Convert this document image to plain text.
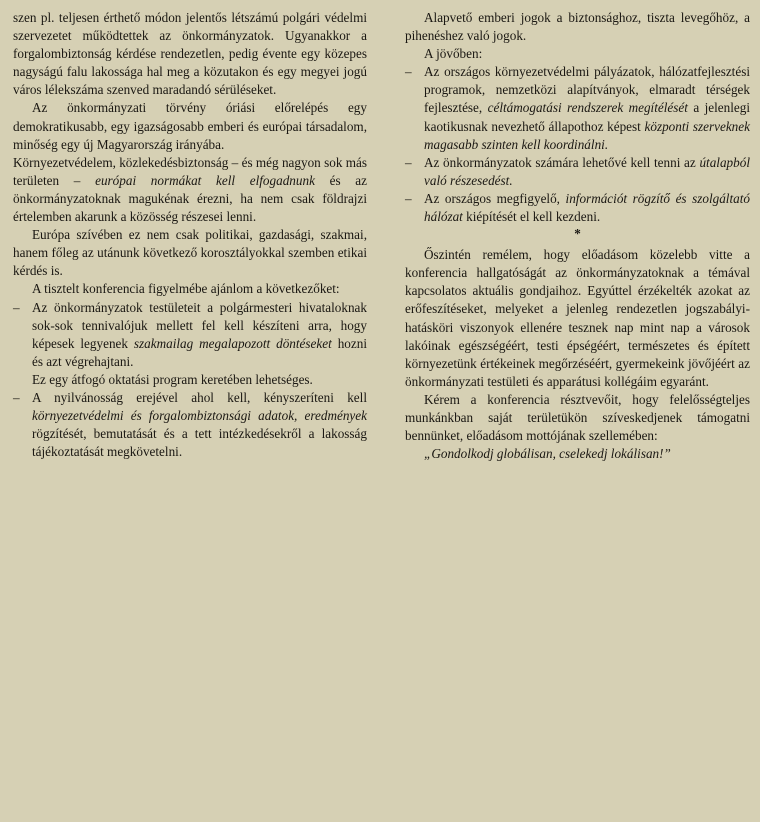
szen pl. teljesen érthető módon jelentős létszámú polgári védelmi szervezetet működtettek az önkormányzatok. Ugyanakkor a forgalombiztonság kérdése rendezetlen, pedig évente egy közepes nagyságú falu lakossága hal meg a közutakon és egy megyei jogú város lélekszáma szenved maradandó sérüléseket.

Az önkormányzati törvény óriási előrelépés egy demokratikusabb, egy igazságosabb emberi és európai társadalom, minőség egy új Magyarország irányába.

Környezetvédelem, közlekedésbiztonság – és még nagyon sok más területen – európai normákat kell elfogadnunk és az önkormányzatoknak magukénak érezni, ha nem csak földrajzi értelemben akarunk a közösség részesei lenni.

Európa szívében ez nem csak politikai, gazdasági, szakmai, hanem főleg az utánunk következő korosztályokkal szemben etikai kérdés is.

A tisztelt konferencia figyelmébe ajánlom a következőket:

– Az önkormányzatok testületeit a polgármesteri hivataloknak sok-sok tennivalójuk mellett fel kell készíteni arra, hogy képesek legyenek szakmailag megalapozott döntéseket hozni és azt végrehajtani.

Ez egy átfogó oktatási program keretében lehetséges.

– A nyilvánosság erejével ahol kell, kényszeríteni kell környezetvédelmi és forgalombiztonsági adatok, eredmények rögzítését, bemutatását és a tett intézkedésekről a lakosság tájékoztatását megkövetelni.

Alapvető emberi jogok a biztonsághoz, tiszta levegőhöz, a pihenéshez való jogok.

A jövőben:

– Az országos környezetvédelmi pályázatok, hálózatfejlesztési programok, nemzetközi alapítványok, elmaradt térségek fejlesztése, céltámogatási rendszerek megítélését a jelenlegi kaotikusnak nevezhető állapothoz képest központi szerveknek magasabb szinten kell koordinálni.

– Az önkormányzatok számára lehetővé kell tenni az útalapból való részesedést.

– Az országos megfigyelő, információt rögzítő és szolgáltató hálózat kiépítését el kell kezdeni.

*

Őszintén remélem, hogy előadásom közelebb vitte a konferencia hallgatóságát az önkormányzatoknak a témával kapcsolatos aktuális gondjaihoz. Egyúttel érzékelték azokat az erőfeszítéseket, melyeket a jelenleg rendezetlen jogszabályi-hatásköri viszonyok ellenére tesznek nap mint nap a városok lakóinak egészségéért, testi épségéért, természetes és épített környezetünk értékeinek megőrzéséért, gyermekeink jövőjéért az önkormányzati testületi és apparátusi kollégáim egyaránt.

Kérem a konferencia résztvevőit, hogy felelősségteljes munkánkban saját területükön szíveskedjenek támogatni bennünket, előadásom mottójának szellemében:

„Gondolkodj globálisan, cselekedj lokálisan!”
